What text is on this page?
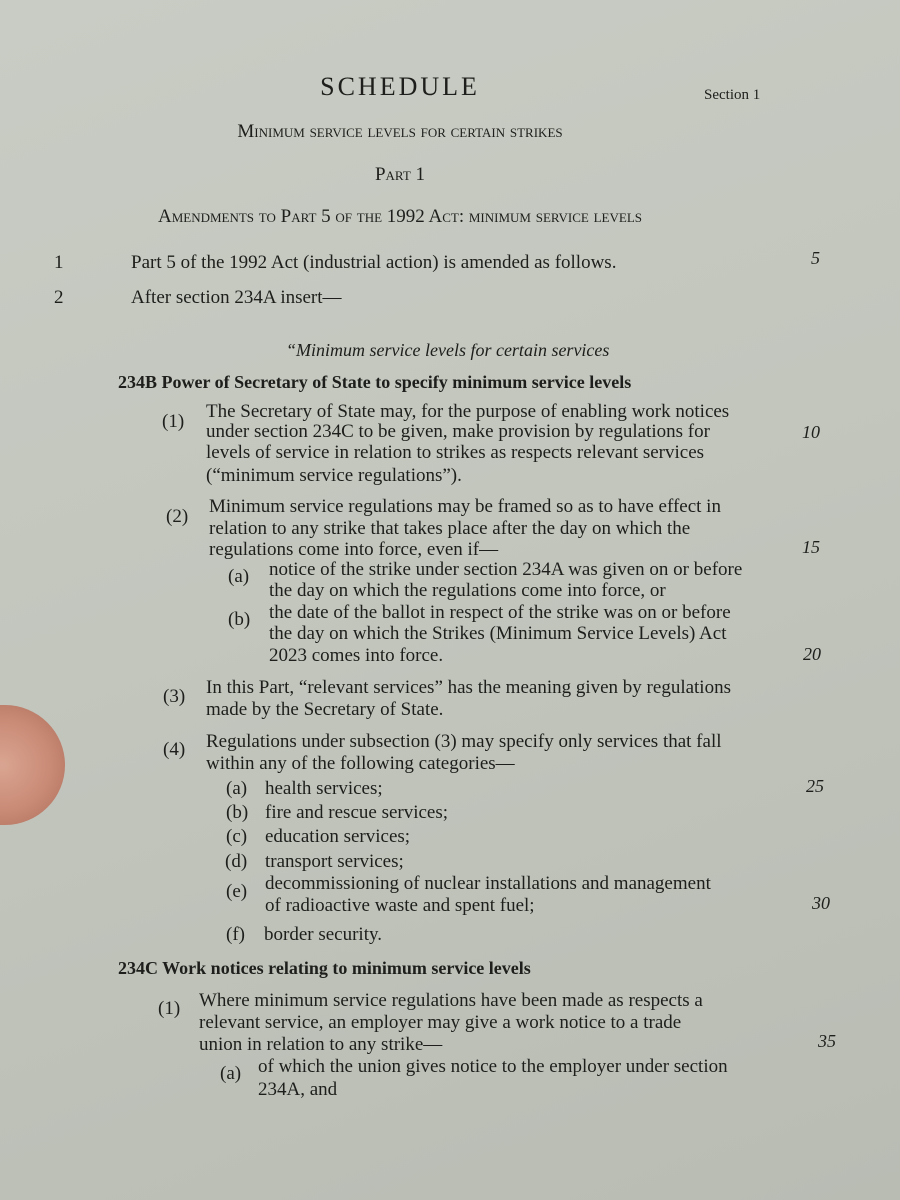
SCHEDULE	Section 1
Minimum service levels for certain strikes
Part 1
Amendments to Part 5 of the 1992 Act: minimum service levels
1	Part 5 of the 1992 Act (industrial action) is amended as follows.
2	After section 234A insert—
“Minimum service levels for certain services
234B Power of Secretary of State to specify minimum service levels
(1) The Secretary of State may, for the purpose of enabling work notices
under section 234C to be given, make provision by regulations for
levels of service in relation to strikes as respects relevant services
(“minimum service regulations”).
(2) Minimum service regulations may be framed so as to have effect in
relation to any strike that takes place after the day on which the
regulations come into force, even if—
(a) notice of the strike under section 234A was given on or before
the day on which the regulations come into force, or
(b) the date of the ballot in respect of the strike was on or before
the day on which the Strikes (Minimum Service Levels) Act
2023 comes into force.
(3) In this Part, “relevant services” has the meaning given by regulations
made by the Secretary of State.
(4) Regulations under subsection (3) may specify only services that fall
within any of the following categories—
(a) health services;
(b) fire and rescue services;
(c) education services;
(d) transport services;
(e) decommissioning of nuclear installations and management
of radioactive waste and spent fuel;
(f) border security.
234C Work notices relating to minimum service levels
(1) Where minimum service regulations have been made as respects a
relevant service, an employer may give a work notice to a trade
union in relation to any strike—
(a) of which the union gives notice to the employer under section
234A, and
5
10
15
20
25
30
35
